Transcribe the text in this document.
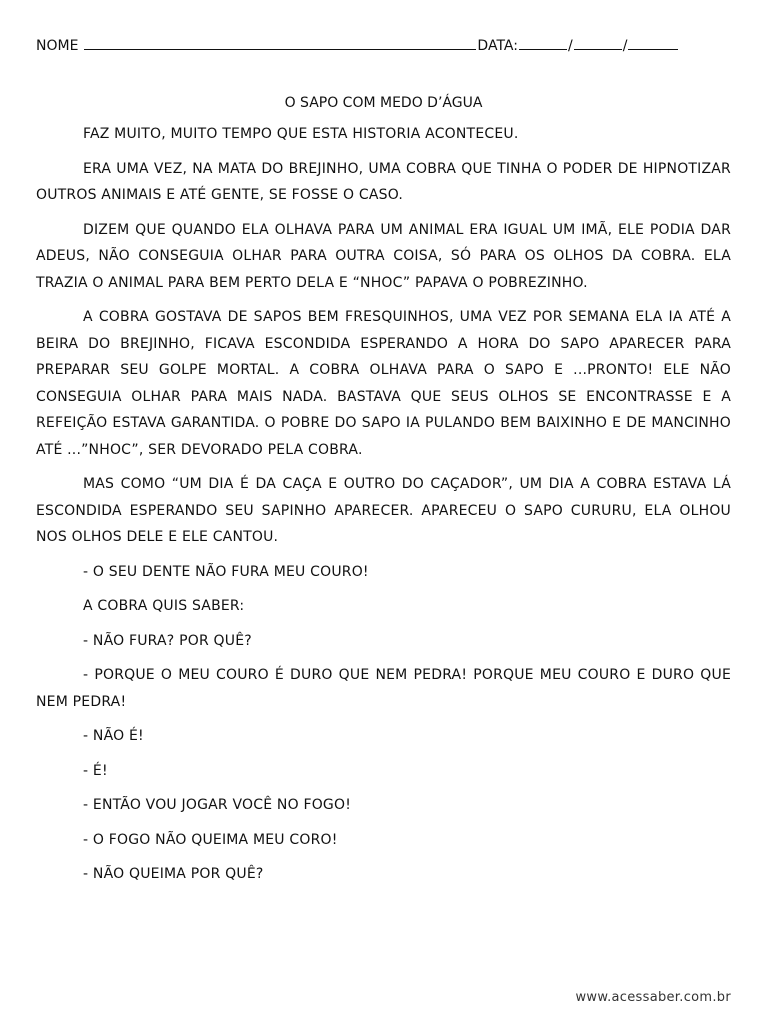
NOME	DATA:	/	/
O SAPO COM MEDO D’ÁGUA

FAZ MUITO, MUITO TEMPO QUE ESTA HISTORIA ACONTECEU.

ERA UMA VEZ, NA MATA DO BREJINHO, UMA COBRA QUE TINHA O PODER DE HIPNOTIZAR OUTROS ANIMAIS E ATÉ GENTE, SE FOSSE O CASO.

DIZEM QUE QUANDO ELA OLHAVA PARA UM ANIMAL ERA IGUAL UM IMÃ, ELE PODIA DAR ADEUS, NÃO CONSEGUIA OLHAR PARA OUTRA COISA, SÓ PARA OS OLHOS DA COBRA. ELA TRAZIA O ANIMAL PARA BEM PERTO DELA E “NHOC” PAPAVA O POBREZINHO.

A COBRA GOSTAVA DE SAPOS BEM FRESQUINHOS, UMA VEZ POR SEMANA ELA IA ATÉ A BEIRA DO BREJINHO, FICAVA ESCONDIDA ESPERANDO A HORA DO SAPO APARECER PARA PREPARAR SEU GOLPE MORTAL. A COBRA OLHAVA PARA O SAPO E ...PRONTO! ELE NÃO CONSEGUIA OLHAR PARA MAIS NADA. BASTAVA QUE SEUS OLHOS SE ENCONTRASSE E A REFEIÇÃO ESTAVA GARANTIDA. O POBRE DO SAPO IA PULANDO BEM BAIXINHO E DE MANCINHO ATÉ ...”NHOC”, SER DEVORADO PELA COBRA.

MAS COMO “UM DIA É DA CAÇA E OUTRO DO CAÇADOR”, UM DIA A COBRA ESTAVA LÁ ESCONDIDA ESPERANDO SEU SAPINHO APARECER. APARECEU O SAPO CURURU, ELA OLHOU NOS OLHOS DELE E ELE CANTOU.

- O SEU DENTE NÃO FURA MEU COURO!

A COBRA QUIS SABER:

- NÃO FURA? POR QUÊ?

- PORQUE O MEU COURO É DURO QUE NEM PEDRA! PORQUE MEU COURO E DURO QUE NEM PEDRA!

- NÃO É!

- É!

- ENTÃO VOU JOGAR VOCÊ NO FOGO!

- O FOGO NÃO QUEIMA MEU CORO!

- NÃO QUEIMA POR QUÊ?

www.acessaber.com.br
